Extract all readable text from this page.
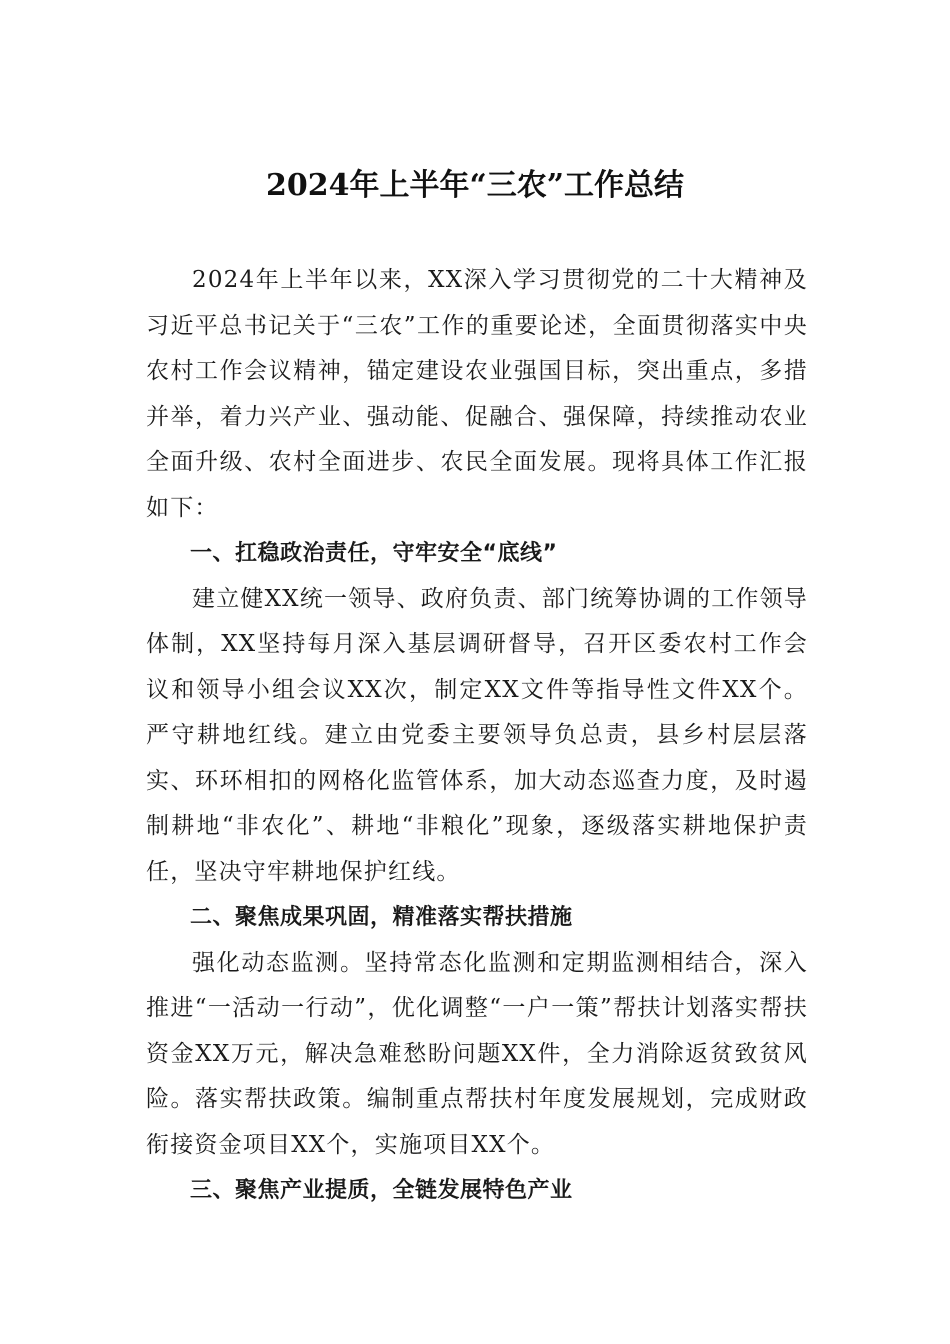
2024年上半年“三农”工作总结

2024年上半年以来，XX深入学习贯彻党的二十大精神及习近平总书记关于“三农”工作的重要论述，全面贯彻落实中央农村工作会议精神，锚定建设农业强国目标，突出重点，多措并举，着力兴产业、强动能、促融合、强保障，持续推动农业全面升级、农村全面进步、农民全面发展。现将具体工作汇报如下：

一、扛稳政治责任，守牢安全“底线”

建立健XX统一领导、政府负责、部门统筹协调的工作领导体制，XX坚持每月深入基层调研督导，召开区委农村工作会议和领导小组会议XX次，制定XX文件等指导性文件XX个。严守耕地红线。建立由党委主要领导负总责，县乡村层层落实、环环相扣的网格化监管体系，加大动态巡查力度，及时遏制耕地“非农化”、耕地“非粮化”现象，逐级落实耕地保护责任，坚决守牢耕地保护红线。

二、聚焦成果巩固，精准落实帮扶措施

强化动态监测。坚持常态化监测和定期监测相结合，深入推进“一活动一行动”，优化调整“一户一策”帮扶计划落实帮扶资金XX万元，解决急难愁盼问题XX件，全力消除返贫致贫风险。落实帮扶政策。编制重点帮扶村年度发展规划，完成财政衔接资金项目XX个，实施项目XX个。

三、聚焦产业提质，全链发展特色产业
